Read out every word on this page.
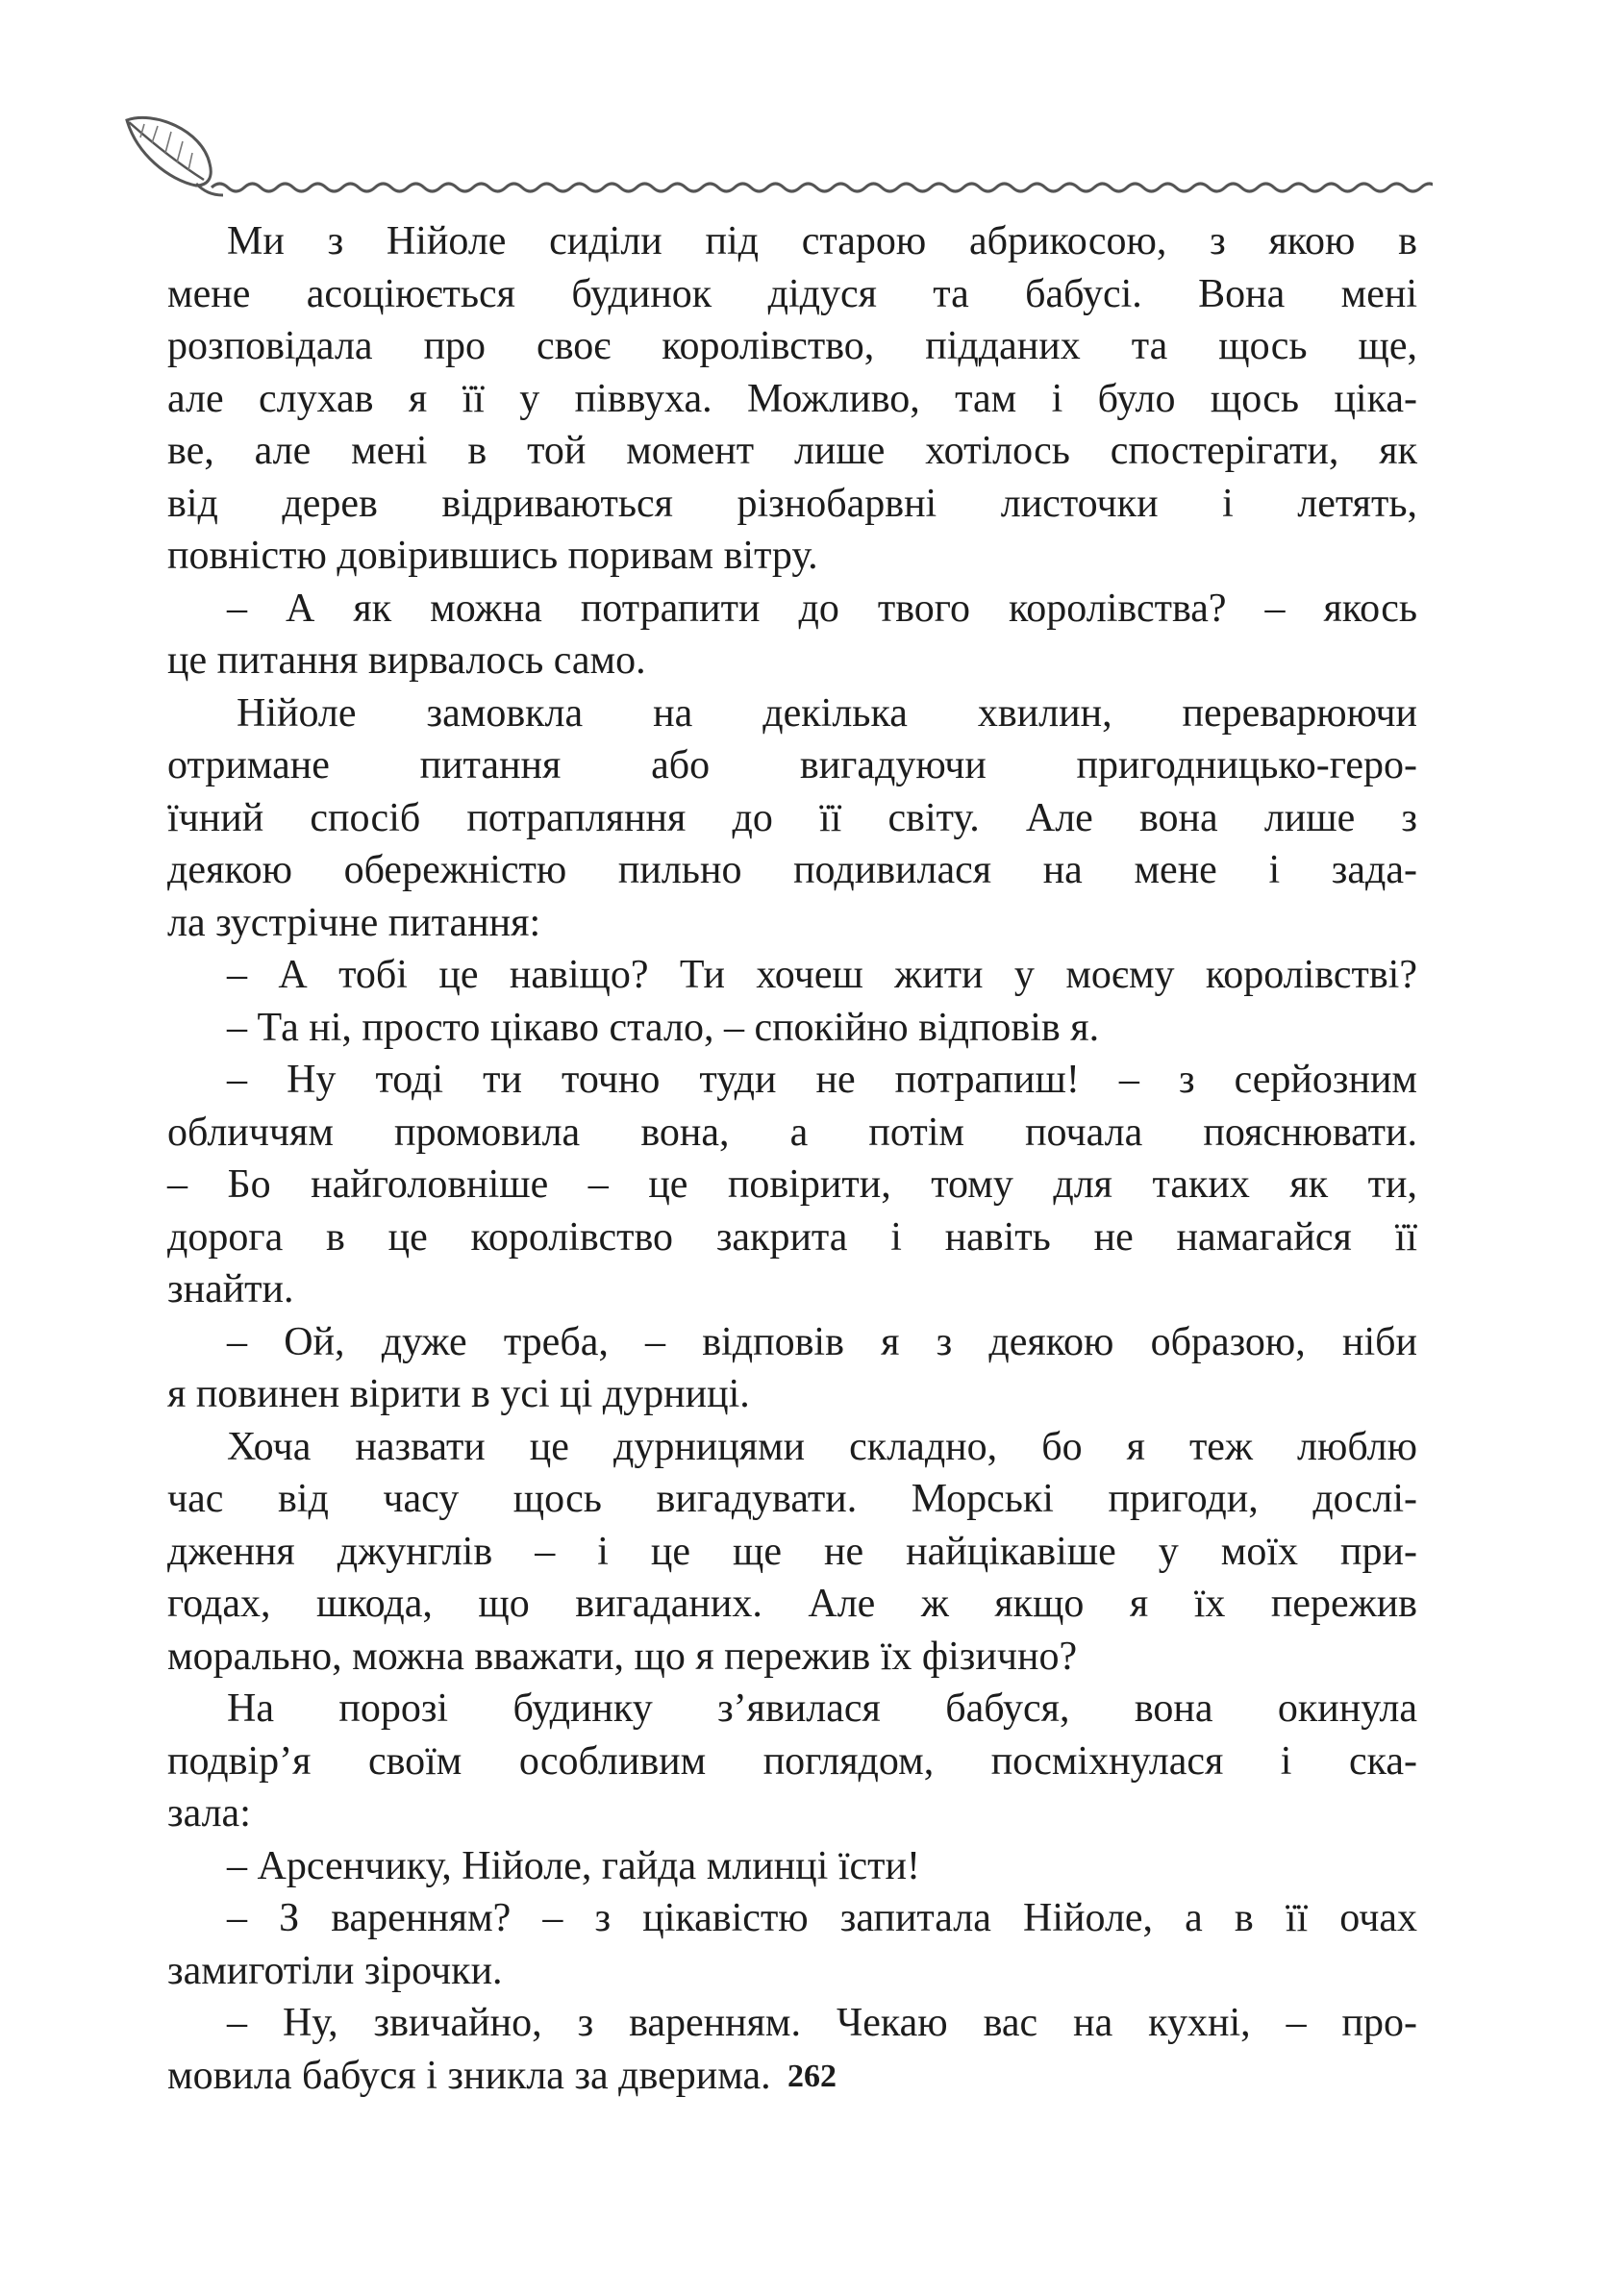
Ми з Нійоле сиділи під старою абрикосою, з якою в
мене асоціюється будинок дідуся та бабусі. Вона мені
розповідала про своє королівство, підданих та щось ще,
але слухав я її у піввуха. Можливо, там і було щось ціка-
ве, але мені в той момент лише хотілось спостерігати, як
від дерев відриваються різнобарвні листочки і летять,
повністю довірившись поривам вітру.
– А як можна потрапити до твого королівства? – якось
це питання вирвалось само.
Нійоле замовкла на декілька хвилин, переварюючи
отримане питання або вигадуючи пригодницько-геро-
їчний спосіб потрапляння до її світу. Але вона лише з
деякою обережністю пильно подивилася на мене і зада-
ла зустрічне питання:
– А тобі це навіщо? Ти хочеш жити у моєму королівстві?
– Та ні, просто цікаво стало, – спокійно відповів я.
– Ну тоді ти точно туди не потрапиш! – з серйозним
обличчям промовила вона, а потім почала пояснювати.
– Бо найголовніше – це повірити, тому для таких як ти,
дорога в це королівство закрита і навіть не намагайся її
знайти.
– Ой, дуже треба, – відповів я з деякою образою, ніби
я повинен вірити в усі ці дурниці.
Хоча назвати це дурницями складно, бо я теж люблю
час від часу щось вигадувати. Морські пригоди, дослі-
дження джунглів – і це ще не найцікавіше у моїх при-
годах, шкода, що вигаданих. Але ж якщо я їх пережив
морально, можна вважати, що я пережив їх фізично?
На порозі будинку з’явилася бабуся, вона окинула
подвір’я своїм особливим поглядом, посміхнулася і ска-
зала:
– Арсенчику, Нійоле, гайда млинці їсти!
– З варенням? – з цікавістю запитала Нійоле, а в її очах
замиготіли зірочки.
– Ну, звичайно, з варенням. Чекаю вас на кухні, – про-
мовила бабуся і зникла за дверима. 262
